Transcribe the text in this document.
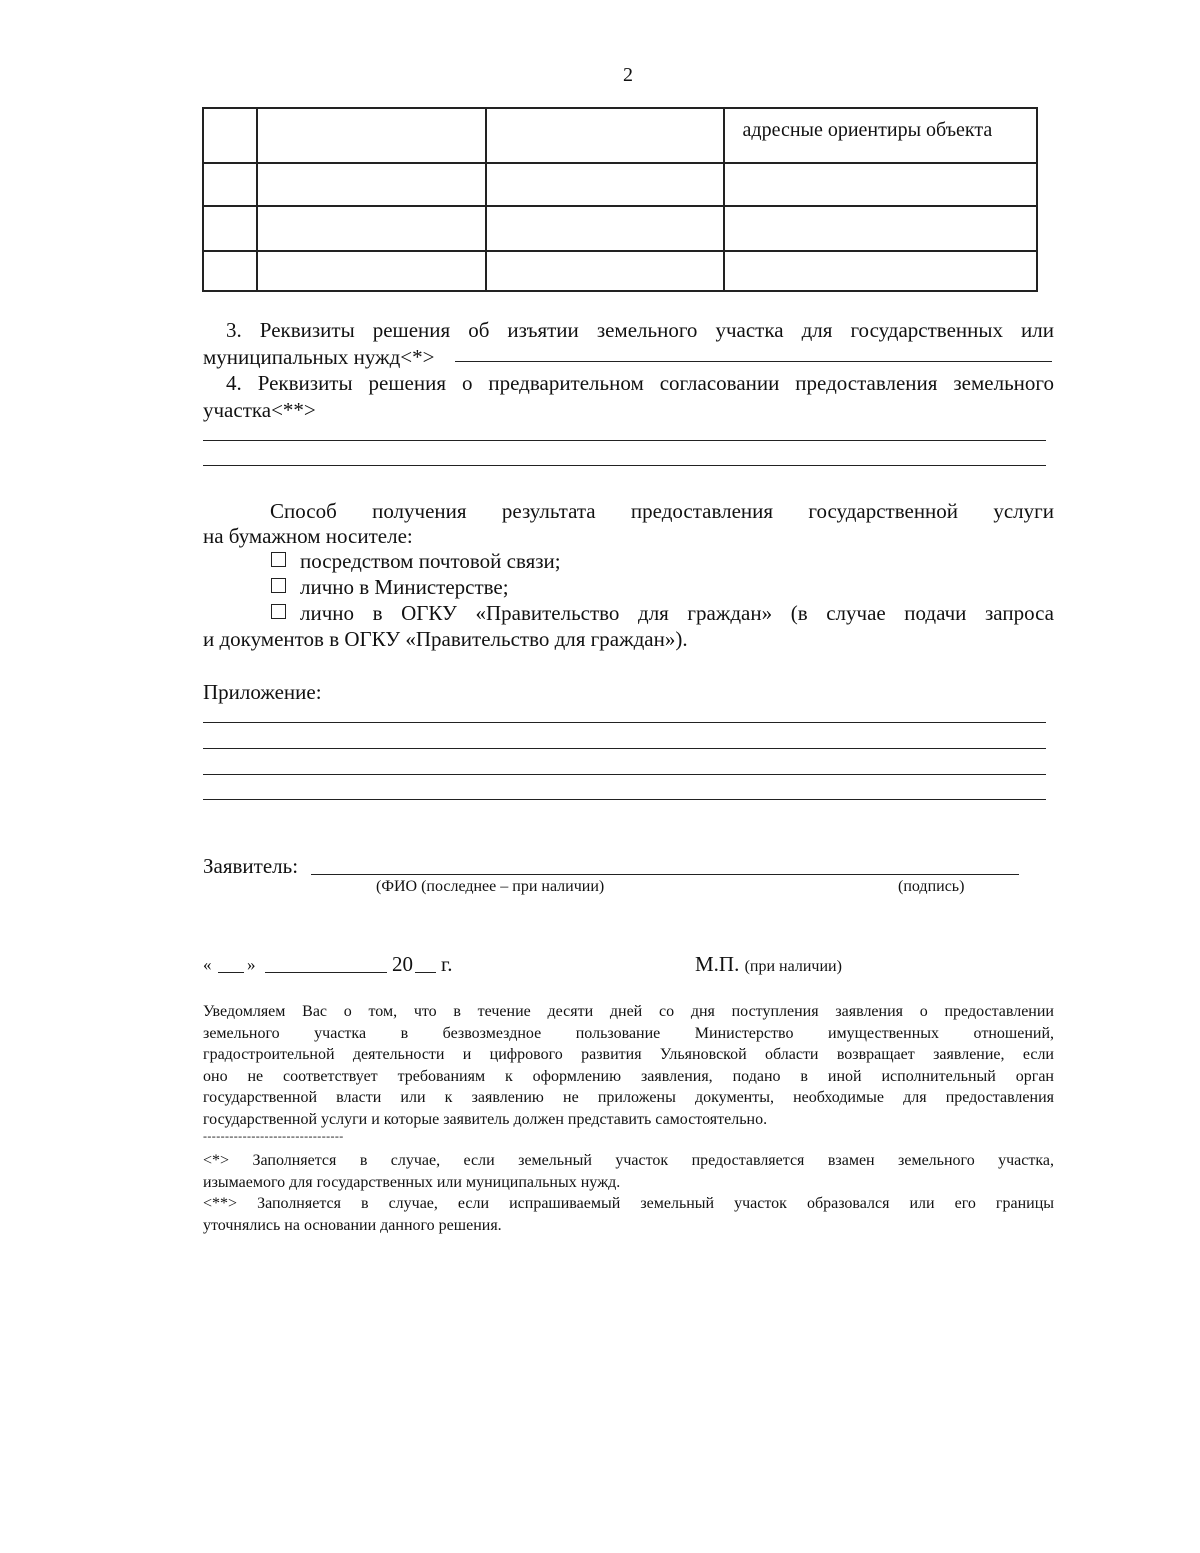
2
			адресные ориентиры объекта

3. Реквизиты решения об изъятии земельного участка для государственных или
муниципальных нужд<*>
4. Реквизиты решения о предварительном согласовании предоставления земельного
участка<**>
Способ получения результата предоставления государственной услуги
на бумажном носителе:
посредством почтовой связи;
лично в Министерстве;
лично в ОГКУ «Правительство для граждан» (в случае подачи запроса
и документов в ОГКУ «Правительство для граждан»).
Приложение:
Заявитель:
(ФИО (последнее – при наличии)	(подпись)
« »	20 г.	М.П. (при наличии)
Уведомляем Вас о том, что в течение десяти дней со дня поступления заявления о предоставлении
земельного участка в безвозмездное пользование Министерство имущественных отношений,
градостроительной деятельности и цифрового развития Ульяновской области возвращает заявление, если
оно не соответствует требованиям к оформлению заявления, подано в иной исполнительный орган
государственной власти или к заявлению не приложены документы, необходимые для предоставления
государственной услуги и которые заявитель должен представить самостоятельно.
--------------------------------
<*> Заполняется в случае, если земельный участок предоставляется взамен земельного участка,
изымаемого для государственных или муниципальных нужд.
<**> Заполняется в случае, если испрашиваемый земельный участок образовался или его границы
уточнялись на основании данного решения.
